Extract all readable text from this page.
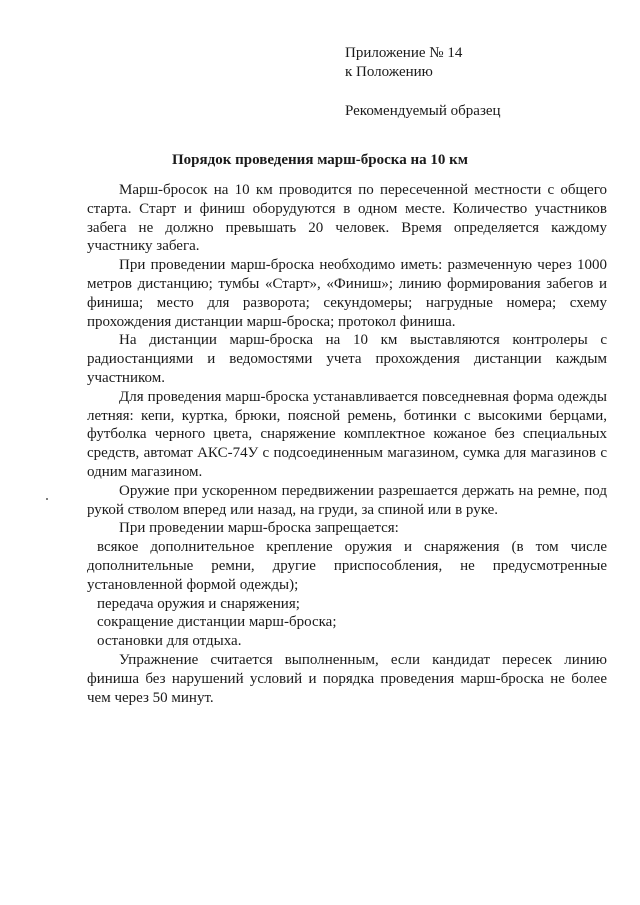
Приложение № 14
к Положению
Рекомендуемый образец
Порядок проведения марш-броска на 10 км

Марш-бросок на 10 км проводится по пересеченной местности с общего старта. Старт и финиш оборудуются в одном месте. Количество участников забега не должно превышать 20 человек. Время определяется каждому участнику забега.

При проведении марш-броска необходимо иметь: размеченную через 1000 метров дистанцию; тумбы «Старт», «Финиш»; линию формирования забегов и финиша; место для разворота; секундомеры; нагрудные номера; схему прохождения дистанции марш-броска; протокол финиша.

На дистанции марш-броска на 10 км выставляются контролеры с радиостанциями и ведомостями учета прохождения дистанции каждым участником.

Для проведения марш-броска устанавливается повседневная форма одежды летняя: кепи, куртка, брюки, поясной ремень, ботинки с высокими берцами, футболка черного цвета, снаряжение комплектное кожаное без специальных средств, автомат АКС-74У с подсоединенным магазином, сумка для магазинов с одним магазином.

Оружие при ускоренном передвижении разрешается держать на ремне, под рукой стволом вперед или назад, на груди, за спиной или в руке.

При проведении марш-броска запрещается:

всякое дополнительное крепление оружия и снаряжения (в том числе дополнительные ремни, другие приспособления, не предусмотренные установленной формой одежды);

передача оружия и снаряжения;

сокращение дистанции марш-броска;

остановки для отдыха.

Упражнение считается выполненным, если кандидат пересек линию финиша без нарушений условий и порядка проведения марш-броска не более чем через 50 минут.
